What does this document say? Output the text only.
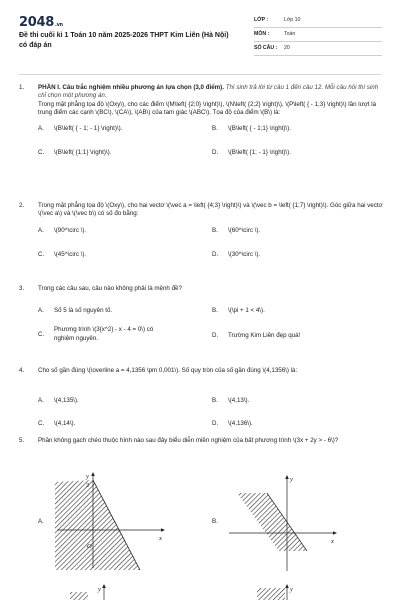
2048.vn
Đề thi cuối kì 1 Toán 10 năm 2025-2026 THPT Kim Liên (Hà Nội) có đáp án
LỚP :	Lớp 10
MÔN :	Toán
SỐ CÂU :	20
1. PHẦN I. Câu trắc nghiệm nhiều phương án lựa chọn (3,0 điểm). Thí sinh trả lời từ câu 1 đến câu 12. Mỗi câu hỏi thí sinh chỉ chọn một phương án.

Trong mặt phẳng tọa độ \(Oxy\), cho các điểm \(M\left( {2;0} \right)\), \(N\left( {2;2} \right)\), \(P\left( { - 1;3} \right)\) lần lượt là trung điểm các cạnh \(BC\), \(CA\), \(AB\) của tam giác \(ABC\). Tọa độ của điểm \(B\) là:

A.	\(B\left( { - 1; - 1} \right)\).	B.	\(B\left( { - 1;1} \right)\).
C.	\(B\left( {1;1} \right)\).	D.	\(B\left( {1; - 1} \right)\).
2. Trong mặt phẳng tọa độ \(Oxy\), cho hai vectơ \(\vec a = \left( {4;3} \right)\) và \(\vec b = \left( {1;7} \right)\). Góc giữa hai vectơ \(\vec a\) và \(\vec b\) có số đo bằng:

A.	\(90^\circ \).	B.	\(60^\circ \).
C.	\(45^\circ \).	D.	\(30^\circ \).
3. Trong các câu sau, câu nào không phải là mệnh đề?

A.	Số 5 là số nguyên tố.	B.	\(\pi + 1 < 4\).
C.
Phương trình \(3{x^2} - x - 4 = 0\) có nghiệm nguyên.	D.	Trường Kim Liên đẹp quá!
4. Cho số gần đúng \(\overline a = 4,1356 \pm 0,001\). Số quy tròn của số gần đúng \(4,1356\) là:

A.	\(4,135\).	B.	\(4,13\).
C.	\(4,14\).	D.	\(4,136\).
5. Phần không gạch chéo thuộc hình nào sau đây biểu diễn miền nghiệm của bất phương trình \(3x + 2y > - 6\)?

A.	B.
y
3
x
O
y
x
y	y
